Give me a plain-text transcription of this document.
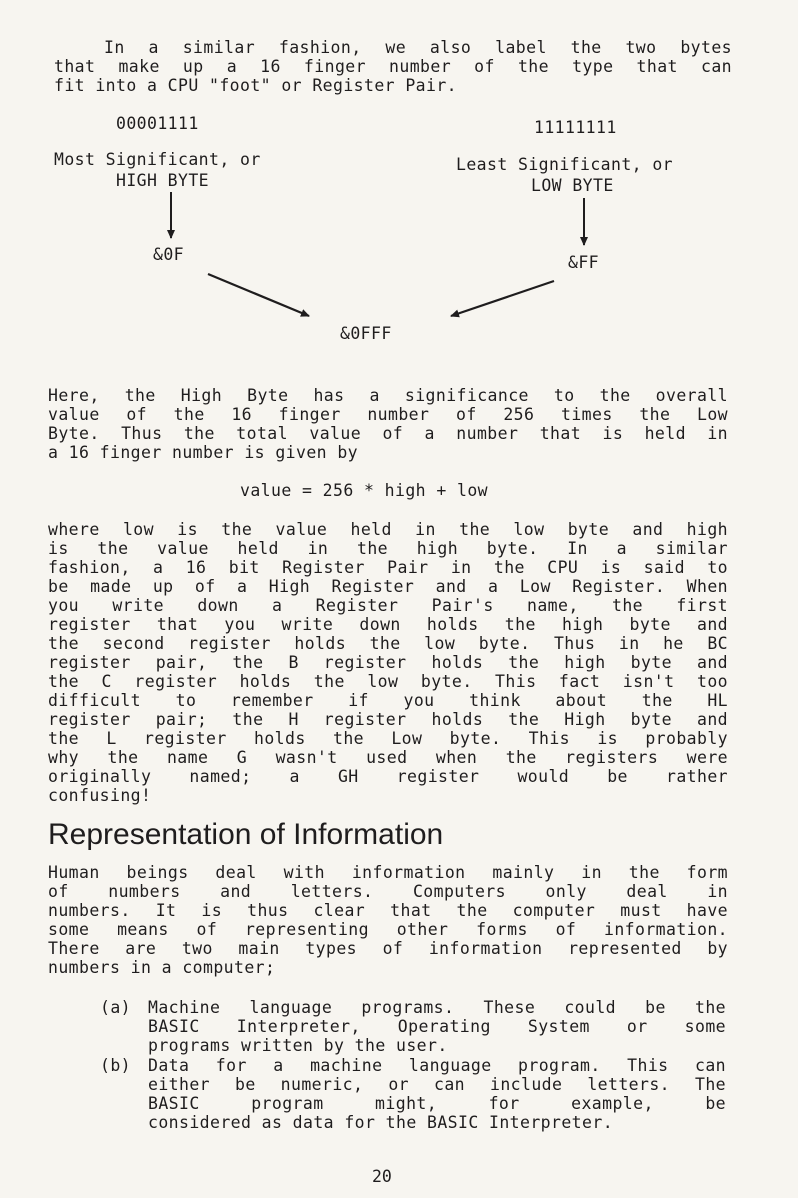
In a similar fashion, we also label the two bytes
that make up a 16 finger number of the type that can
fit into a CPU "foot" or Register Pair.
00001111	11111111
Most Significant, or
HIGH BYTE
Least Significant, or
LOW BYTE
&0F	&FF
&0FFF
Here, the High Byte has a significance to the overall
value of the 16 finger number of 256 times the Low
Byte. Thus the total value of a number that is held in
a 16 finger number is given by
value = 256 * high + low
where low is the value held in the low byte and high
is the value held in the high byte. In a similar
fashion, a 16 bit Register Pair in the CPU is said to
be made up of a High Register and a Low Register. When
you write down a Register Pair's name, the first
register that you write down holds the high byte and
the second register holds the low byte. Thus in he BC
register pair, the B register holds the high byte and
the C register holds the low byte. This fact isn't too
difficult to remember if you think about the HL
register pair; the H register holds the High byte and
the L register holds the Low byte. This is probably
why the name G wasn't used when the registers were
originally named; a GH register would be rather
confusing!
Representation of Information
Human beings deal with information mainly in the form
of numbers and letters. Computers only deal in
numbers. It is thus clear that the computer must have
some means of representing other forms of information.
There are two main types of information represented by
numbers in a computer;
(a) Machine language programs. These could be the
BASIC Interpreter, Operating System or some
programs written by the user.
(b) Data for a machine language program. This can
either be numeric, or can include letters. The
BASIC program might, for example, be
considered as data for the BASIC Interpreter.
20
